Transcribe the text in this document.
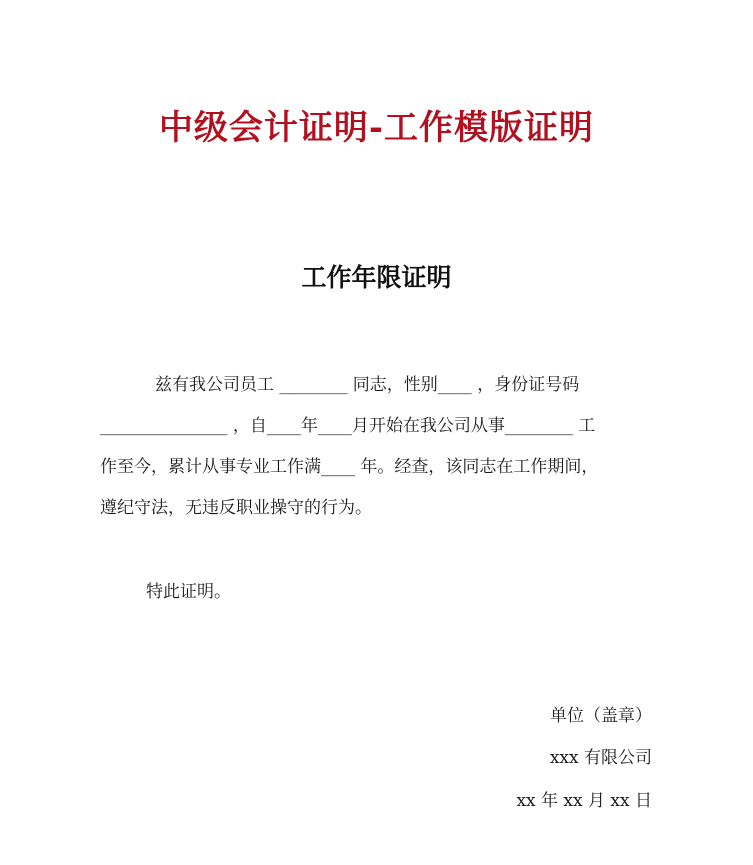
中级会计证明-工作模版证明
工作年限证明
兹有我公司员工 ________ 同志，性别____ ，身份证号码
_______________ ，自____年____月开始在我公司从事________ 工
作至今，累计从事专业工作满____ 年。经查，该同志在工作期间，
遵纪守法，无违反职业操守的行为。
特此证明。
单位（盖章）
xxx 有限公司
xx 年 xx 月 xx 日
